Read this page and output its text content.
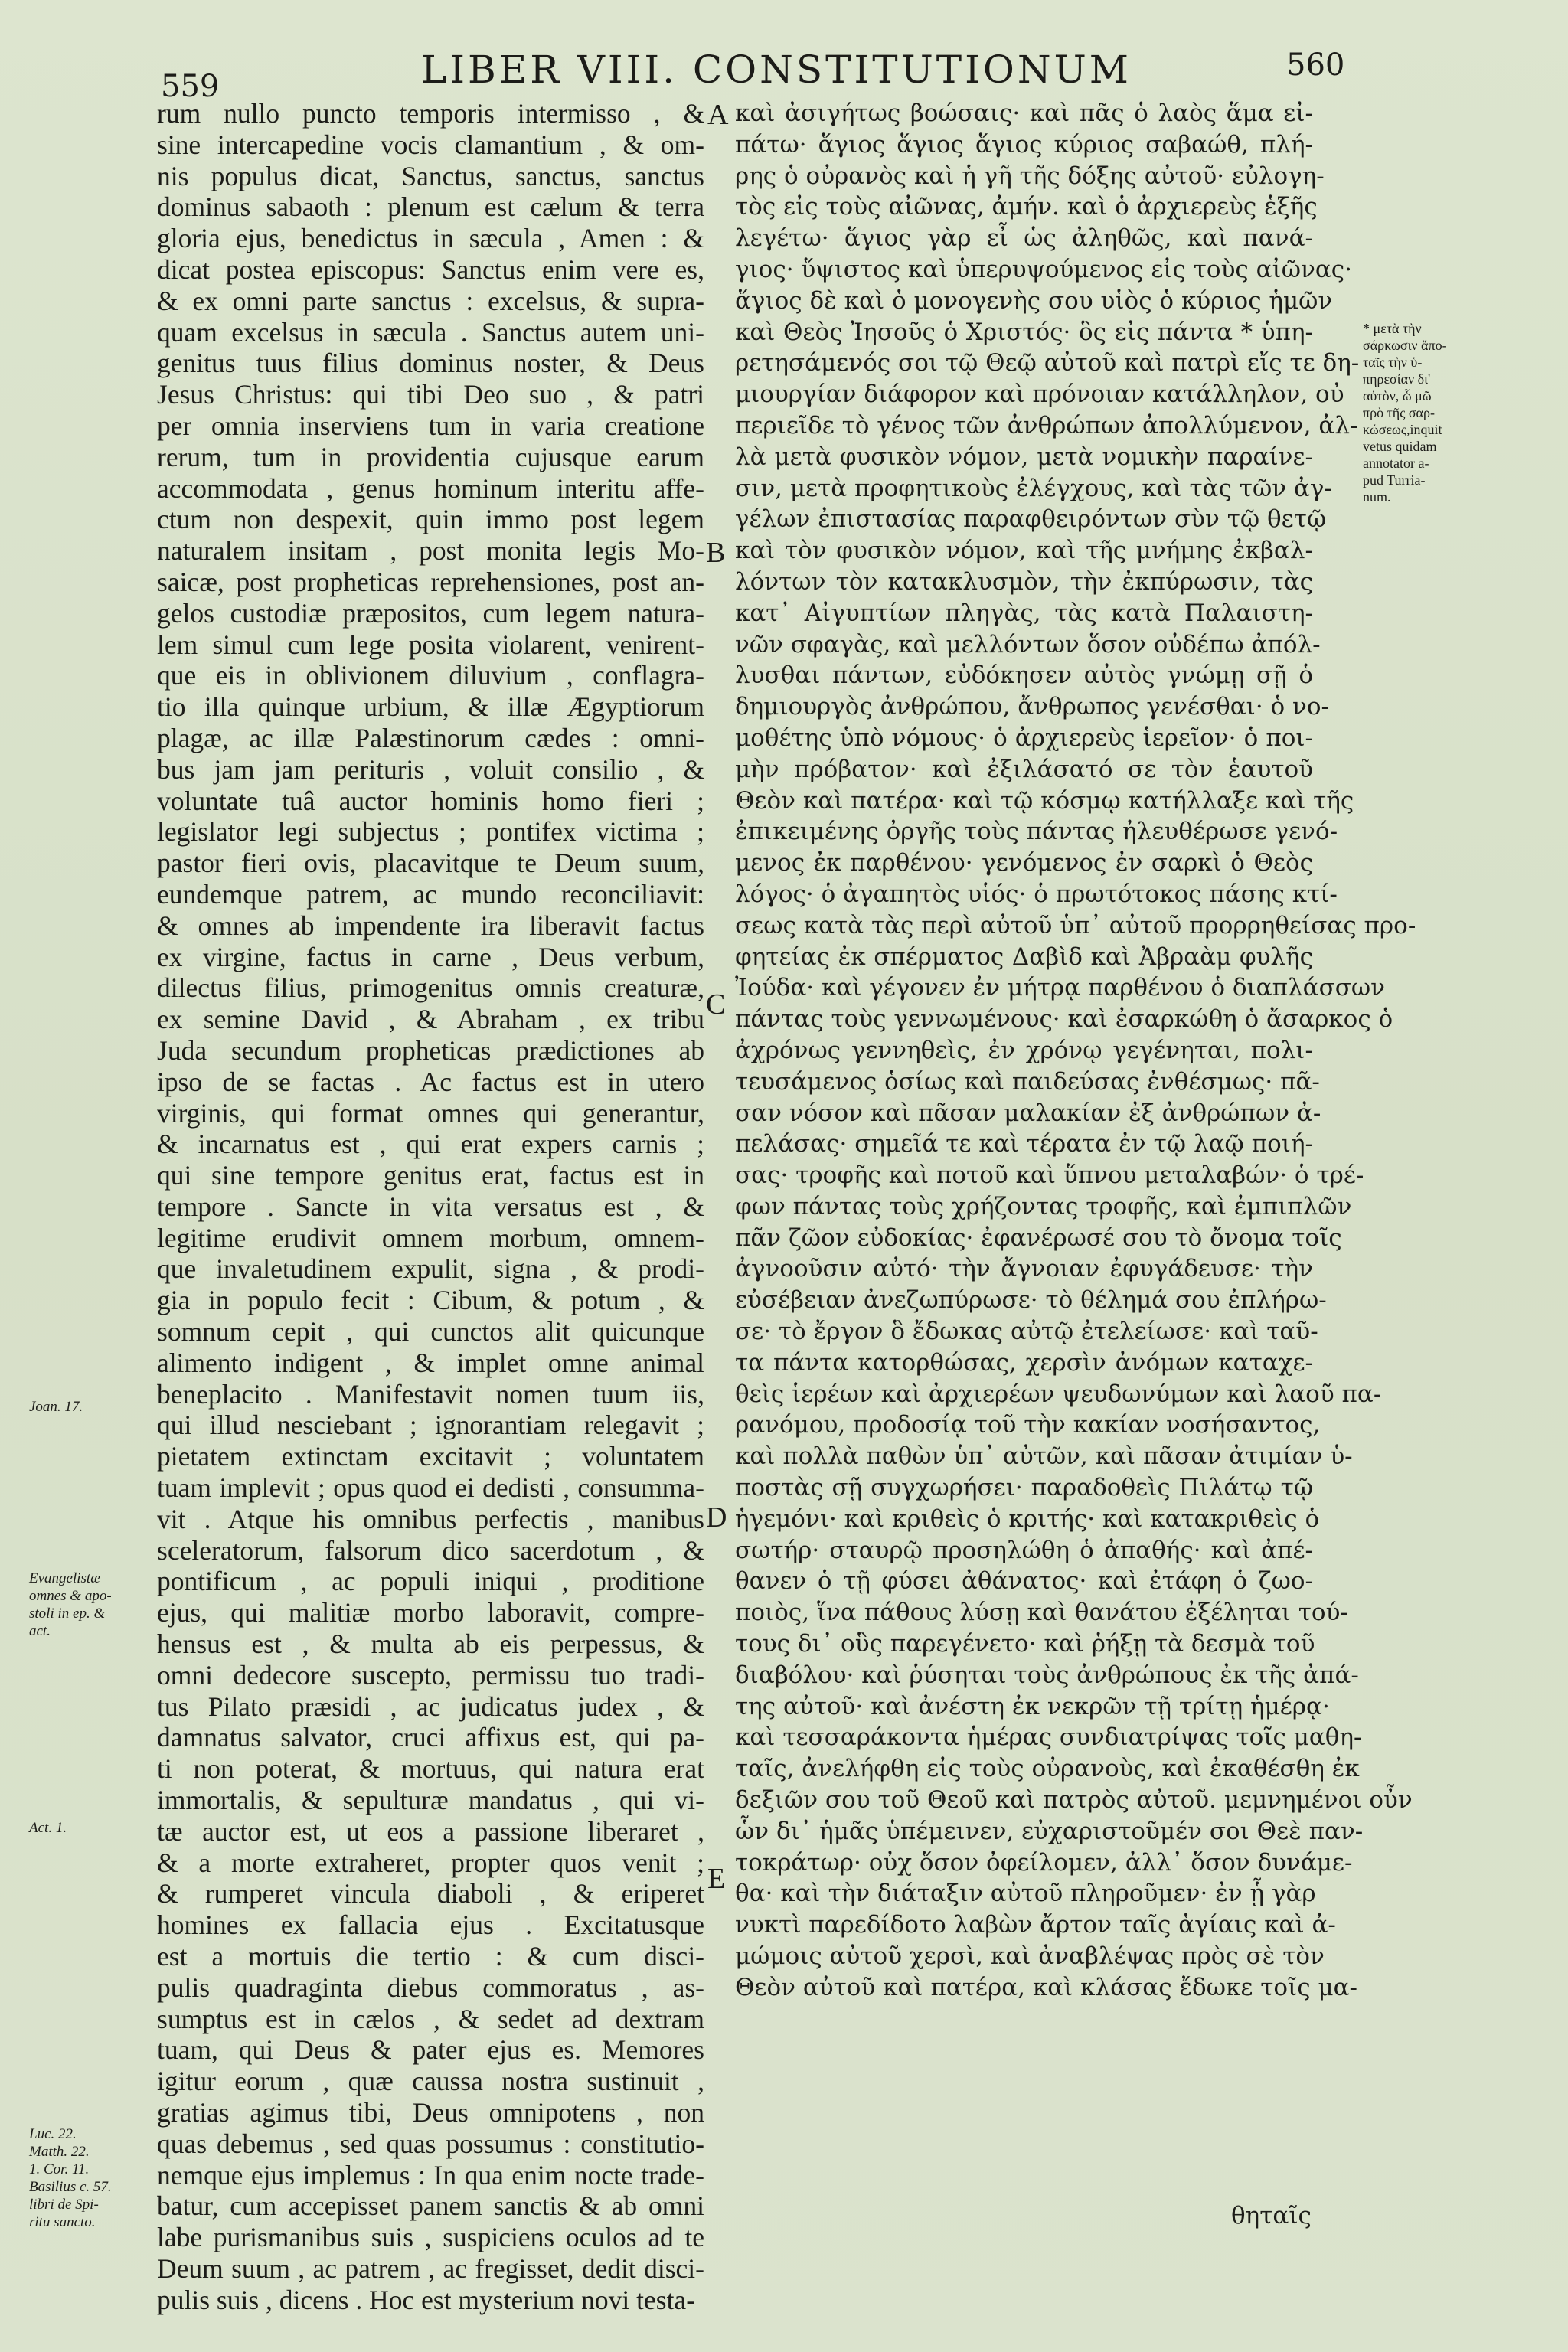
559	LIBER VIII. CONSTITUTIONUM	560
rum nullo puncto temporis intermisso , &
sine intercapedine vocis clamantium , & om-
nis populus dicat, Sanctus, sanctus, sanctus
dominus sabaoth : plenum est cælum & terra
gloria ejus, benedictus in sæcula , Amen : &
dicat postea episcopus: Sanctus enim vere es,
& ex omni parte sanctus : excelsus, & supra-
quam excelsus in sæcula . Sanctus autem uni-
genitus tuus filius dominus noster, & Deus
Jesus Christus: qui tibi Deo suo , & patri
per omnia inserviens tum in varia creatione
rerum, tum in providentia cujusque earum
accommodata , genus hominum interitu affe-
ctum non despexit, quin immo post legem
naturalem insitam , post monita legis Mo-
saicæ, post propheticas reprehensiones, post an-
gelos custodiæ præpositos, cum legem natura-
lem simul cum lege posita violarent, venirent-
que eis in oblivionem diluvium , conflagra-
tio illa quinque urbium, & illæ Ægyptiorum
plagæ, ac illæ Palæstinorum cædes : omni-
bus jam jam perituris , voluit consilio , &
voluntate tuâ auctor hominis homo fieri ;
legislator legi subjectus ; pontifex victima ;
pastor fieri ovis, placavitque te Deum suum,
eundemque patrem, ac mundo reconciliavit:
& omnes ab impendente ira liberavit factus
ex virgine, factus in carne , Deus verbum,
dilectus filius, primogenitus omnis creaturæ,
ex semine David , & Abraham , ex tribu
Juda secundum propheticas prædictiones ab
ipso de se factas . Ac factus est in utero
virginis, qui format omnes qui generantur,
& incarnatus est , qui erat expers carnis ;
qui sine tempore genitus erat, factus est in
tempore . Sancte in vita versatus est , &
legitime erudivit omnem morbum, omnem-
que invaletudinem expulit, signa , & prodi-
gia in populo fecit : Cibum, & potum , &
somnum cepit , qui cunctos alit quicunque
alimento indigent , & implet omne animal
beneplacito . Manifestavit nomen tuum iis,
qui illud nesciebant ; ignorantiam relegavit ;
pietatem extinctam excitavit ; voluntatem
tuam implevit ; opus quod ei dedisti , consumma-
vit . Atque his omnibus perfectis , manibus
sceleratorum, falsorum dico sacerdotum , &
pontificum , ac populi iniqui , proditione
ejus, qui malitiæ morbo laboravit, compre-
hensus est , & multa ab eis perpessus, &
omni dedecore suscepto, permissu tuo tradi-
tus Pilato præsidi , ac judicatus judex , &
damnatus salvator, cruci affixus est, qui pa-
ti non poterat, & mortuus, qui natura erat
immortalis, & sepulturæ mandatus , qui vi-
tæ auctor est, ut eos a passione liberaret ,
& a morte extraheret, propter quos venit ;
& rumperet vincula diaboli , & eriperet
homines ex fallacia ejus . Excitatusque
est a mortuis die tertio : & cum disci-
pulis quadraginta diebus commoratus , as-
sumptus est in cælos , & sedet ad dextram
tuam, qui Deus & pater ejus es. Memores
igitur eorum , quæ caussa nostra sustinuit ,
gratias agimus tibi, Deus omnipotens , non
quas debemus , sed quas possumus : constitutio-
nemque ejus implemus : In qua enim nocte trade-
batur, cum accepisset panem sanctis & ab omni
labe purismanibus suis , suspiciens oculos ad te
Deum suum , ac patrem , ac fregisset, dedit disci-
pulis suis , dicens . Hoc est mysterium novi testa-
καὶ ἀσιγήτως βοώσαις· καὶ πᾶς ὁ λαὸς ἅμα εἰ-
πάτω· ἅγιος ἅγιος ἅγιος κύριος σαβαώθ, πλή-
ρης ὁ οὐρανὸς καὶ ἡ γῆ τῆς δόξης αὐτοῦ· εὐλογη-
τὸς εἰς τοὺς αἰῶνας, ἀμήν. καὶ ὁ ἀρχιερεὺς ἑξῆς
λεγέτω· ἅγιος γὰρ εἶ ὡς ἀληθῶς, καὶ πανά-
γιος· ὕψιστος καὶ ὑπερυψούμενος εἰς τοὺς αἰῶνας·
ἅγιος δὲ καὶ ὁ μονογενὴς σου υἱὸς ὁ κύριος ἡμῶν
καὶ Θεὸς Ἰησοῦς ὁ Χριστός· ὃς εἰς πάντα * ὑπη-
ρετησάμενός σοι τῷ Θεῷ αὐτοῦ καὶ πατρὶ εἴς τε δη-
μιουργίαν διάφορον καὶ πρόνοιαν κατάλληλον, οὐ
περιεῖδε τὸ γένος τῶν ἀνθρώπων ἀπολλύμενον, ἀλ-
λὰ μετὰ φυσικὸν νόμον, μετὰ νομικὴν παραίνε-
σιν, μετὰ προφητικοὺς ἐλέγχους, καὶ τὰς τῶν ἀγ-
γέλων ἐπιστασίας παραφθειρόντων σὺν τῷ θετῷ
καὶ τὸν φυσικὸν νόμον, καὶ τῆς μνήμης ἐκβαλ-
λόντων τὸν κατακλυσμὸν, τὴν ἐκπύρωσιν, τὰς
κατ᾽ Αἰγυπτίων πληγὰς, τὰς κατὰ Παλαιστη-
νῶν σφαγὰς, καὶ μελλόντων ὅσον οὐδέπω ἀπόλ-
λυσθαι πάντων, εὐδόκησεν αὐτὸς γνώμῃ σῇ ὁ
δημιουργὸς ἀνθρώπου, ἄνθρωπος γενέσθαι· ὁ νο-
μοθέτης ὑπὸ νόμους· ὁ ἀρχιερεὺς ἱερεῖον· ὁ ποι-
μὴν πρόβατον· καὶ ἐξιλάσατό σε τὸν ἑαυτοῦ
Θεὸν καὶ πατέρα· καὶ τῷ κόσμῳ κατήλλαξε καὶ τῆς
ἐπικειμένης ὀργῆς τοὺς πάντας ἠλευθέρωσε γενό-
μενος ἐκ παρθένου· γενόμενος ἐν σαρκὶ ὁ Θεὸς
λόγος· ὁ ἀγαπητὸς υἱός· ὁ πρωτότοκος πάσης κτί-
σεως κατὰ τὰς περὶ αὐτοῦ ὑπ᾽ αὐτοῦ προρρηθείσας προ-
φητείας ἐκ σπέρματος Δαβὶδ καὶ Ἀβραὰμ φυλῆς
Ἰούδα· καὶ γέγονεν ἐν μήτρᾳ παρθένου ὁ διαπλάσσων
πάντας τοὺς γεννωμένους· καὶ ἐσαρκώθη ὁ ἄσαρκος ὁ
ἀχρόνως γεννηθεὶς, ἐν χρόνῳ γεγένηται, πολι-
τευσάμενος ὁσίως καὶ παιδεύσας ἐνθέσμως· πᾶ-
σαν νόσον καὶ πᾶσαν μαλακίαν ἐξ ἀνθρώπων ἀ-
πελάσας· σημεῖά τε καὶ τέρατα ἐν τῷ λαῷ ποιή-
σας· τροφῆς καὶ ποτοῦ καὶ ὕπνου μεταλαβών· ὁ τρέ-
φων πάντας τοὺς χρήζοντας τροφῆς, καὶ ἐμπιπλῶν
πᾶν ζῶον εὐδοκίας· ἐφανέρωσέ σου τὸ ὄνομα τοῖς
ἀγνοοῦσιν αὐτό· τὴν ἄγνοιαν ἐφυγάδευσε· τὴν
εὐσέβειαν ἀνεζωπύρωσε· τὸ θέλημά σου ἐπλήρω-
σε· τὸ ἔργον ὃ ἔδωκας αὐτῷ ἐτελείωσε· καὶ ταῦ-
τα πάντα κατορθώσας, χερσὶν ἀνόμων καταχε-
θεὶς ἱερέων καὶ ἀρχιερέων ψευδωνύμων καὶ λαοῦ πα-
ρανόμου, προδοσίᾳ τοῦ τὴν κακίαν νοσήσαντος,
καὶ πολλὰ παθὼν ὑπ᾽ αὐτῶν, καὶ πᾶσαν ἀτιμίαν ὑ-
ποστὰς σῇ συγχωρήσει· παραδοθεὶς Πιλάτῳ τῷ
ἡγεμόνι· καὶ κριθεὶς ὁ κριτής· καὶ κατακριθεὶς ὁ
σωτήρ· σταυρῷ προσηλώθη ὁ ἀπαθής· καὶ ἀπέ-
θανεν ὁ τῇ φύσει ἀθάνατος· καὶ ἐτάφη ὁ ζωο-
ποιὸς, ἵνα πάθους λύσῃ καὶ θανάτου ἐξέληται τού-
τους δι᾽ οὓς παρεγένετο· καὶ ῥήξῃ τὰ δεσμὰ τοῦ
διαβόλου· καὶ ῥύσηται τοὺς ἀνθρώπους ἐκ τῆς ἀπά-
της αὐτοῦ· καὶ ἀνέστη ἐκ νεκρῶν τῇ τρίτῃ ἡμέρᾳ·
καὶ τεσσαράκοντα ἡμέρας συνδιατρίψας τοῖς μαθη-
ταῖς, ἀνελήφθη εἰς τοὺς οὐρανοὺς, καὶ ἐκαθέσθη ἐκ
δεξιῶν σου τοῦ Θεοῦ καὶ πατρὸς αὐτοῦ. μεμνημένοι οὖν
ὧν δι᾽ ἡμᾶς ὑπέμεινεν, εὐχαριστοῦμέν σοι Θεὲ παν-
τοκράτωρ· οὐχ ὅσον ὀφείλομεν, ἀλλ᾽ ὅσον δυνάμε-
θα· καὶ τὴν διάταξιν αὐτοῦ πληροῦμεν· ἐν ᾗ γὰρ
νυκτὶ παρεδίδοτο λαβὼν ἄρτον ταῖς ἁγίαις καὶ ἀ-
μώμοις αὐτοῦ χερσὶ, καὶ ἀναβλέψας πρὸς σὲ τὸν
Θεὸν αὐτοῦ καὶ πατέρα, καὶ κλάσας ἔδωκε τοῖς μα-
A
B
C
D
E
* μετὰ τὴν
σάρκωσιν ἄπο-
ταῖς τὴν ὑ-
πηρεσίαν δι'
αὐτὸν, ὧ μῶ
πρὸ τῆς σαρ-
κώσεως,inquit
vetus quidam
annotator a-
pud Turria-
num.
Joan. 17.
Evangelistæ
omnes & apo-
stoli in ep. &
act.
Act. 1.
Luc. 22.
Matth. 22.
1. Cor. 11.
Basilius c. 57.
libri de Spi-
ritu sancto.	θηταῖς
